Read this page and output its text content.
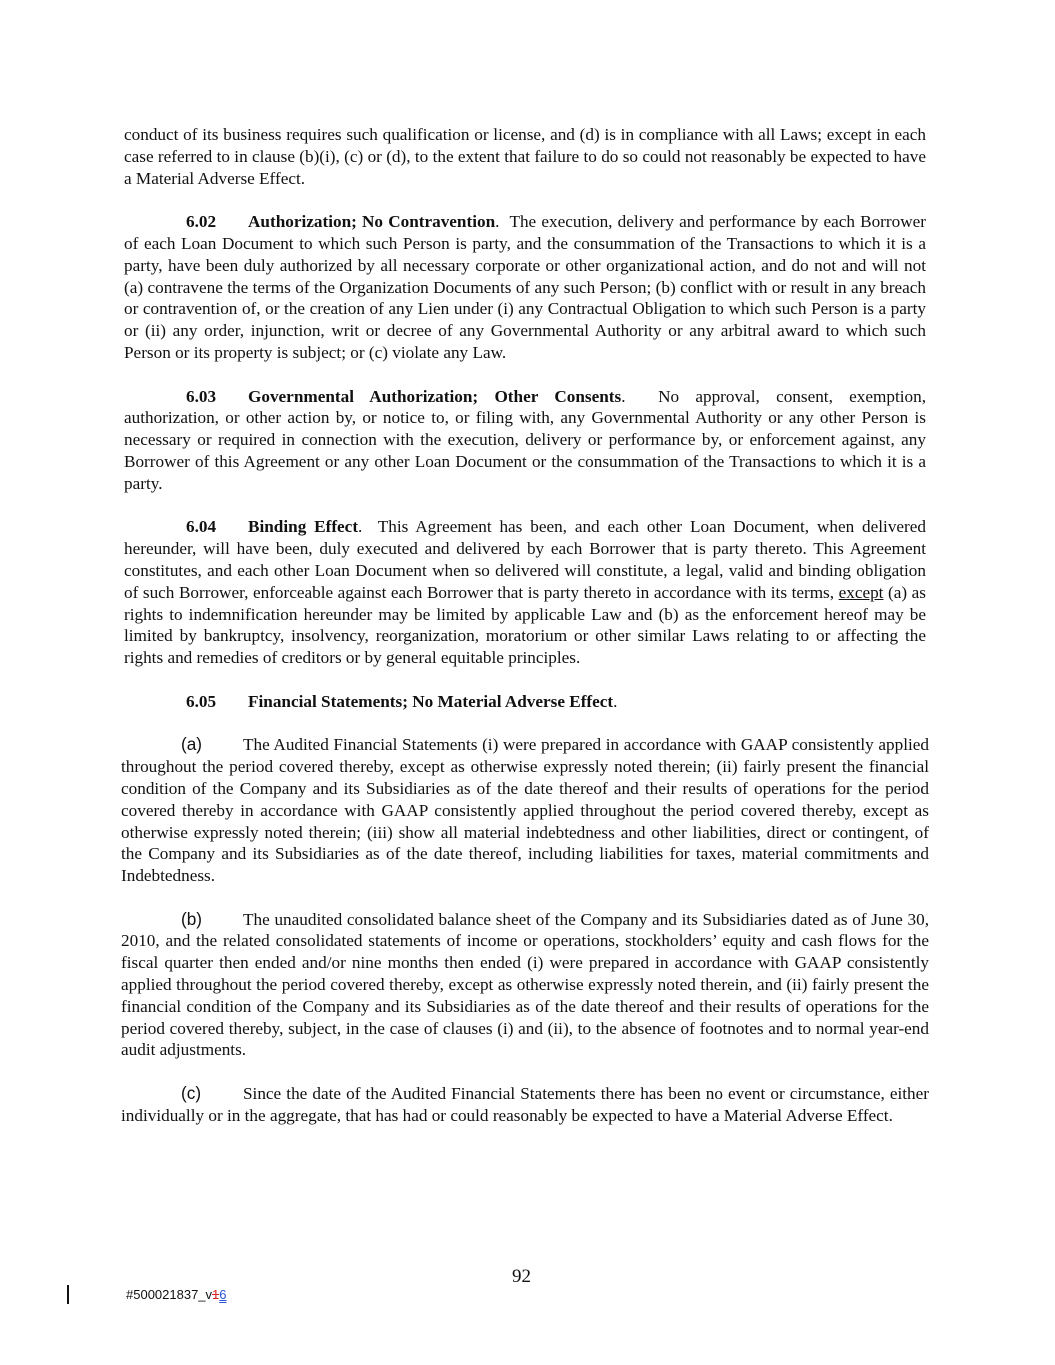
conduct of its business requires such qualification or license, and (d) is in compliance with all Laws; except in each case referred to in clause (b)(i), (c) or (d), to the extent that failure to do so could not reasonably be expected to have a Material Adverse Effect.

6.02 Authorization; No Contravention.  The execution, delivery and performance by each Borrower of each Loan Document to which such Person is party, and the consummation of the Transactions to which it is a party, have been duly authorized by all necessary corporate or other organizational action, and do not and will not (a) contravene the terms of the Organization Documents of any such Person; (b) conflict with or result in any breach or contravention of, or the creation of any Lien under (i) any Contractual Obligation to which such Person is a party or (ii) any order, injunction, writ or decree of any Governmental Authority or any arbitral award to which such Person or its property is subject; or (c) violate any Law.

6.03 Governmental Authorization; Other Consents.  No approval, consent, exemption, authorization, or other action by, or notice to, or filing with, any Governmental Authority or any other Person is necessary or required in connection with the execution, delivery or performance by, or enforcement against, any Borrower of this Agreement or any other Loan Document or the consummation of the Transactions to which it is a party.

6.04 Binding Effect.  This Agreement has been, and each other Loan Document, when delivered hereunder, will have been, duly executed and delivered by each Borrower that is party thereto. This Agreement constitutes, and each other Loan Document when so delivered will constitute, a legal, valid and binding obligation of such Borrower, enforceable against each Borrower that is party thereto in accordance with its terms, except (a) as rights to indemnification hereunder may be limited by applicable Law and (b) as the enforcement hereof may be limited by bankruptcy, insolvency, reorganization, moratorium or other similar Laws relating to or affecting the rights and remedies of creditors or by general equitable principles.

6.05 Financial Statements; No Material Adverse Effect.

(a) The Audited Financial Statements (i) were prepared in accordance with GAAP consistently applied throughout the period covered thereby, except as otherwise expressly noted therein; (ii) fairly present the financial condition of the Company and its Subsidiaries as of the date thereof and their results of operations for the period covered thereby in accordance with GAAP consistently applied throughout the period covered thereby, except as otherwise expressly noted therein; (iii) show all material indebtedness and other liabilities, direct or contingent, of the Company and its Subsidiaries as of the date thereof, including liabilities for taxes, material commitments and Indebtedness.

(b) The unaudited consolidated balance sheet of the Company and its Subsidiaries dated as of June 30, 2010, and the related consolidated statements of income or operations, stockholders’ equity and cash flows for the fiscal quarter then ended and/or nine months then ended (i) were prepared in accordance with GAAP consistently applied throughout the period covered thereby, except as otherwise expressly noted therein, and (ii) fairly present the financial condition of the Company and its Subsidiaries as of the date thereof and their results of operations for the period covered thereby, subject, in the case of clauses (i) and (ii), to the absence of footnotes and to normal year-end audit adjustments.

(c) Since the date of the Audited Financial Statements there has been no event or circumstance, either individually or in the aggregate, that has had or could reasonably be expected to have a Material Adverse Effect.

92
#500021837_v16
